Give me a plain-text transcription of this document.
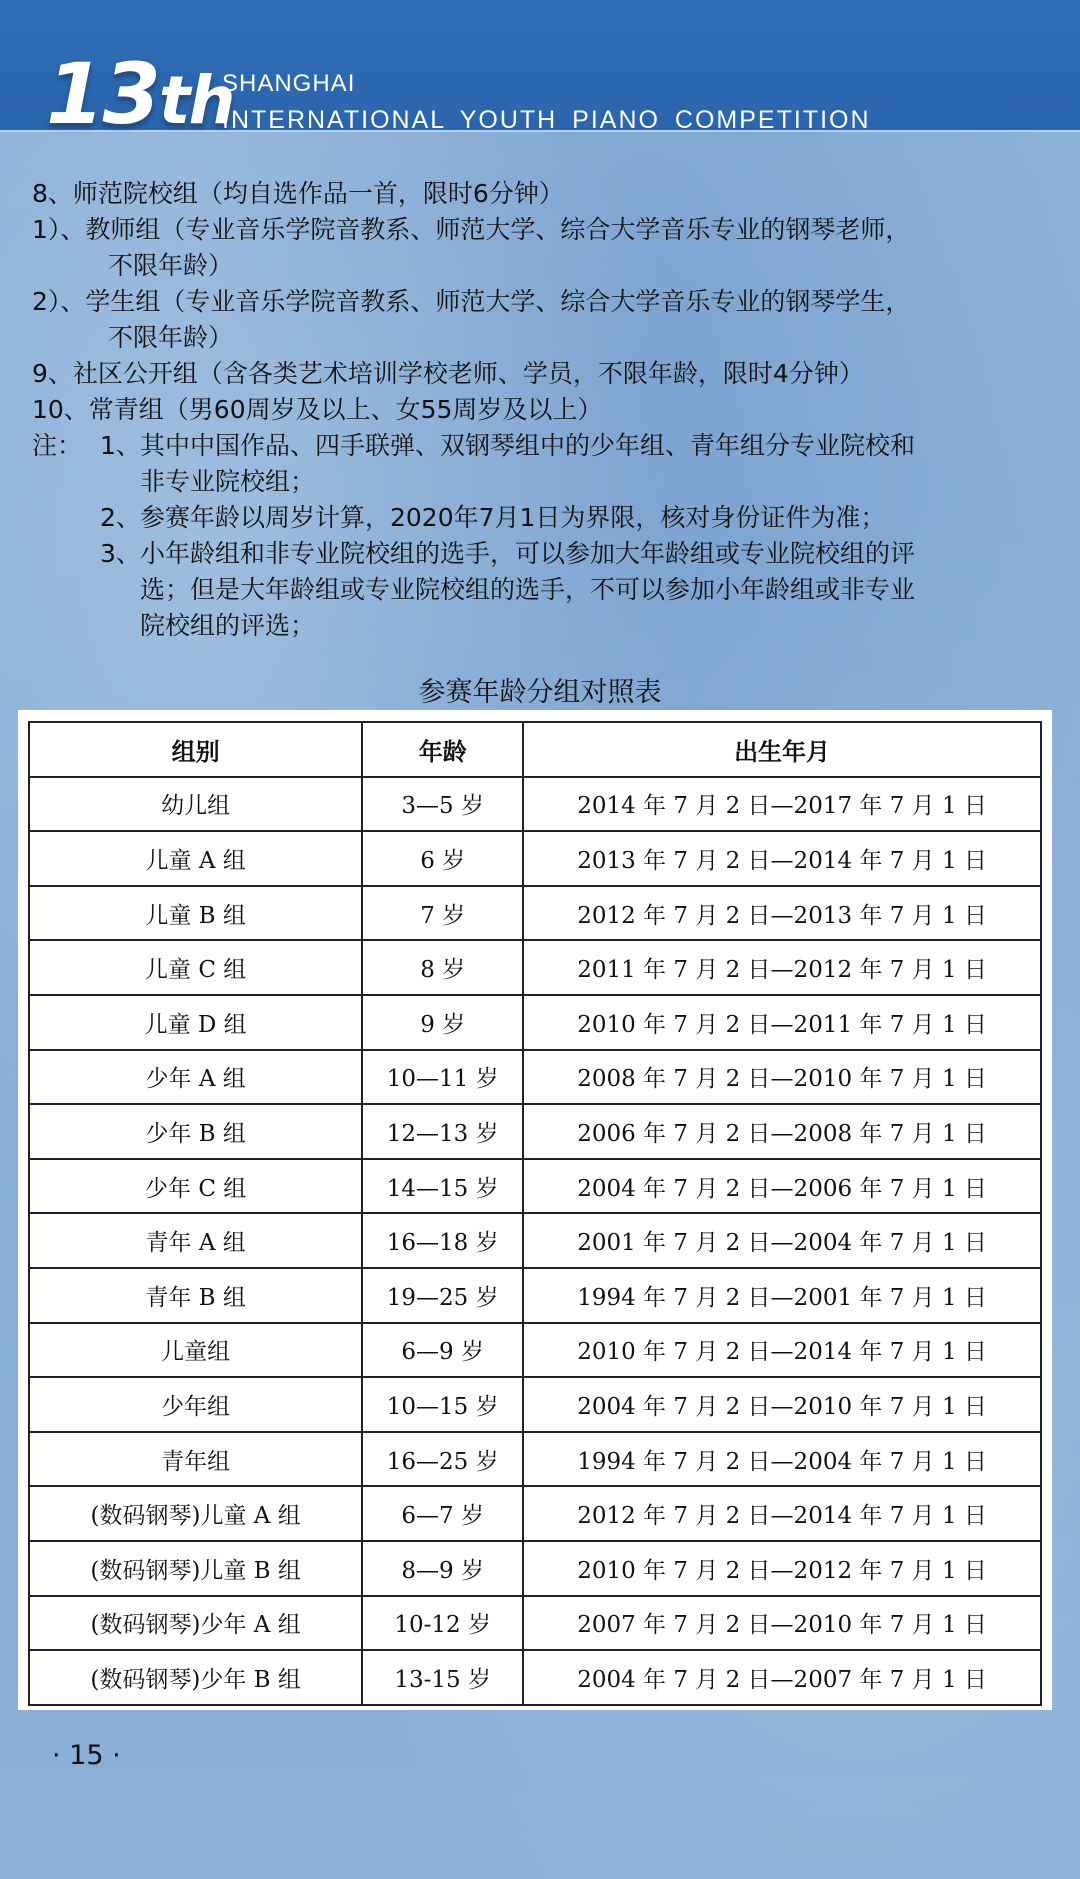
13th
SHANGHAI
INTERNATIONAL YOUTH PIANO COMPETITION

8、师范院校组（均自选作品一首，限时6分钟）

1）、教师组（专业音乐学院音教系、师范大学、综合大学音乐专业的钢琴老师，

不限年龄）

2）、学生组（专业音乐学院音教系、师范大学、综合大学音乐专业的钢琴学生，

不限年龄）

9、社区公开组（含各类艺术培训学校老师、学员，不限年龄，限时4分钟）

10、常青组（男60周岁及以上、女55周岁及以上）

注： 1、 其中中国作品、四手联弹、双钢琴组中的少年组、青年组分专业院校和

非专业院校组；

2、 参赛年龄以周岁计算，2020年7月1日为界限，核对身份证件为准；
3、 小年龄组和非专业院校组的选手，可以参加大年龄组或专业院校组的评

选；但是大年龄组或专业院校组的选手，不可以参加小年龄组或非专业

院校组的评选；

参赛年龄分组对照表
组别	年龄	出生年月
幼儿组	3—5 岁	2014 年 7 月 2 日—2017 年 7 月 1 日
儿童 A 组	6 岁	2013 年 7 月 2 日—2014 年 7 月 1 日
儿童 B 组	7 岁	2012 年 7 月 2 日—2013 年 7 月 1 日
儿童 C 组	8 岁	2011 年 7 月 2 日—2012 年 7 月 1 日
儿童 D 组	9 岁	2010 年 7 月 2 日—2011 年 7 月 1 日
少年 A 组	10—11 岁	2008 年 7 月 2 日—2010 年 7 月 1 日
少年 B 组	12—13 岁	2006 年 7 月 2 日—2008 年 7 月 1 日
少年 C 组	14—15 岁	2004 年 7 月 2 日—2006 年 7 月 1 日
青年 A 组	16—18 岁	2001 年 7 月 2 日—2004 年 7 月 1 日
青年 B 组	19—25 岁	1994 年 7 月 2 日—2001 年 7 月 1 日
儿童组	6—9 岁	2010 年 7 月 2 日—2014 年 7 月 1 日
少年组	10—15 岁	2004 年 7 月 2 日—2010 年 7 月 1 日
青年组	16—25 岁	1994 年 7 月 2 日—2004 年 7 月 1 日
(数码钢琴)儿童 A 组	6—7 岁	2012 年 7 月 2 日—2014 年 7 月 1 日
(数码钢琴)儿童 B 组	8—9 岁	2010 年 7 月 2 日—2012 年 7 月 1 日
(数码钢琴)少年 A 组	10-12 岁	2007 年 7 月 2 日—2010 年 7 月 1 日
(数码钢琴)少年 B 组	13-15 岁	2004 年 7 月 2 日—2007 年 7 月 1 日
· 15 ·
